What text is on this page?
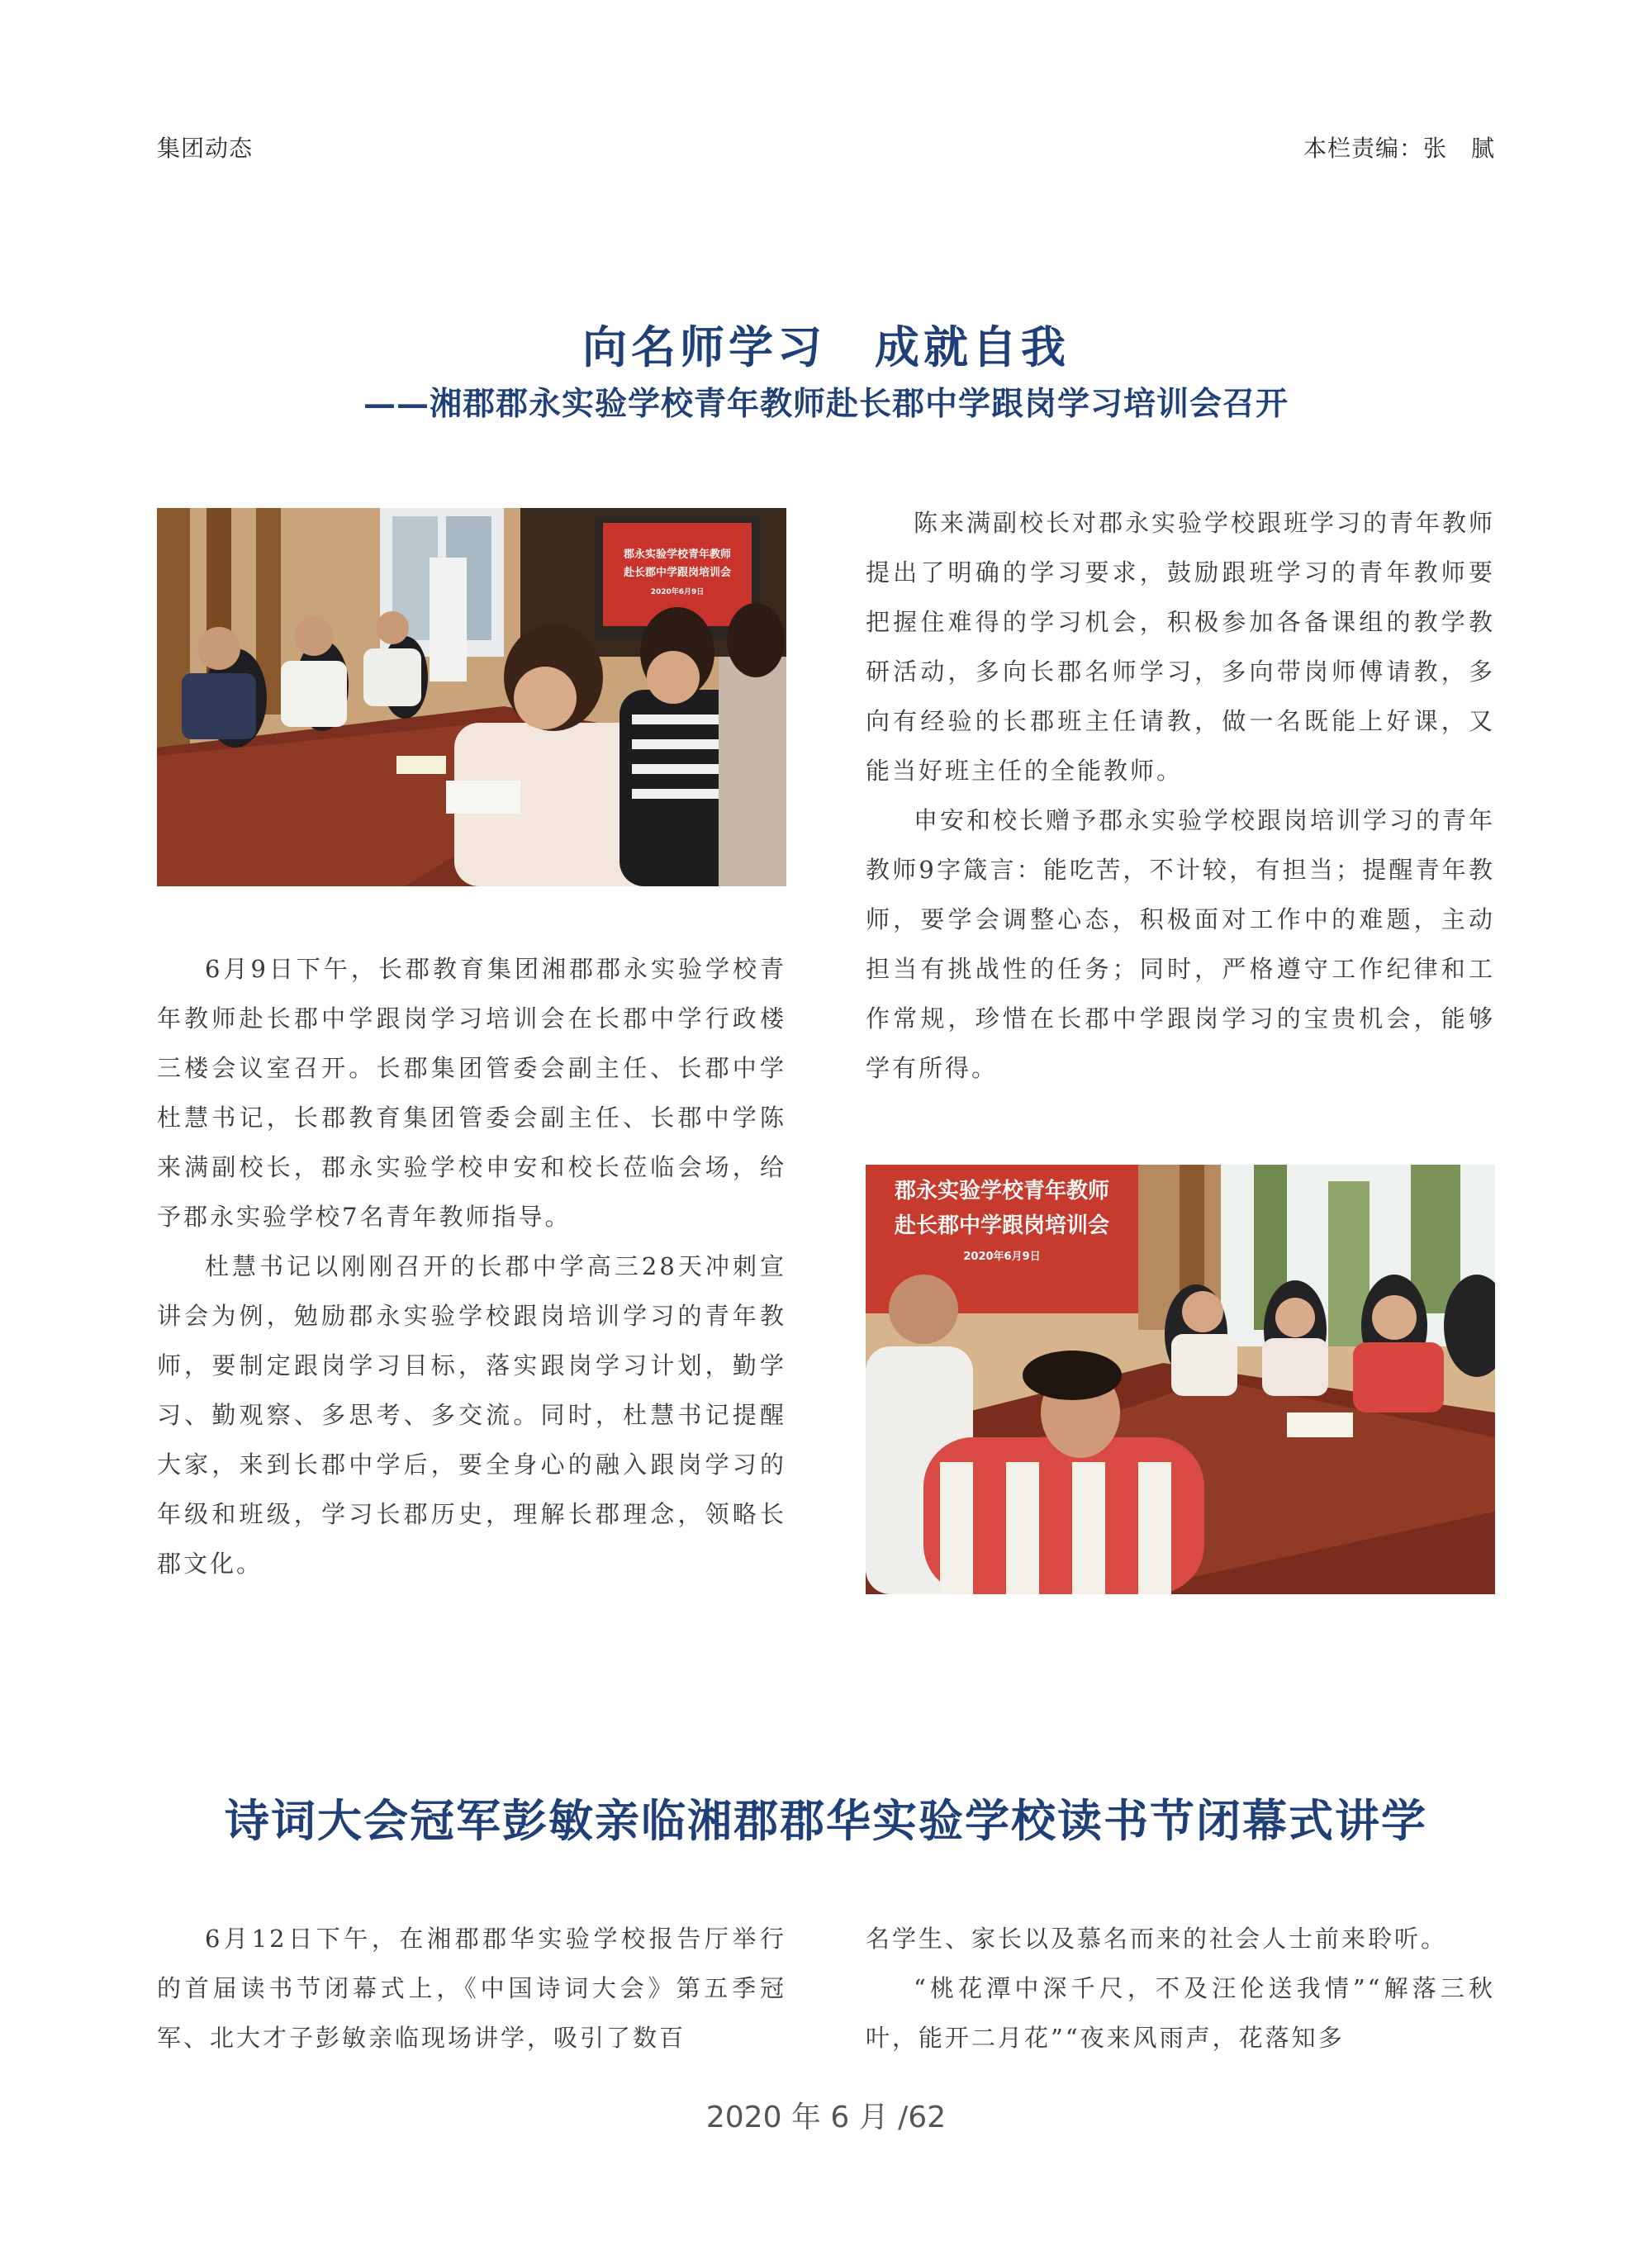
集团动态	本栏责编：张　腻
向名师学习　成就自我
——湘郡郡永实验学校青年教师赴长郡中学跟岗学习培训会召开
郡永实验学校青年教师
赴长郡中学跟岗培训会
2020年6月9日

6月9日下午，长郡教育集团湘郡郡永实验学校青年教师赴长郡中学跟岗学习培训会在长郡中学行政楼三楼会议室召开。长郡集团管委会副主任、长郡中学杜慧书记，长郡教育集团管委会副主任、长郡中学陈来满副校长，郡永实验学校申安和校长莅临会场，给予郡永实验学校7名青年教师指导。

杜慧书记以刚刚召开的长郡中学高三28天冲刺宣讲会为例，勉励郡永实验学校跟岗培训学习的青年教师，要制定跟岗学习目标，落实跟岗学习计划，勤学习、勤观察、多思考、多交流。同时，杜慧书记提醒大家，来到长郡中学后，要全身心的融入跟岗学习的年级和班级，学习长郡历史，理解长郡理念，领略长郡文化。

陈来满副校长对郡永实验学校跟班学习的青年教师提出了明确的学习要求，鼓励跟班学习的青年教师要把握住难得的学习机会，积极参加各备课组的教学教研活动，多向长郡名师学习，多向带岗师傅请教，多向有经验的长郡班主任请教，做一名既能上好课，又能当好班主任的全能教师。

申安和校长赠予郡永实验学校跟岗培训学习的青年教师9字箴言：能吃苦，不计较，有担当；提醒青年教师，要学会调整心态，积极面对工作中的难题，主动担当有挑战性的任务；同时，严格遵守工作纪律和工作常规，珍惜在长郡中学跟岗学习的宝贵机会，能够学有所得。

郡永实验学校青年教师
赴长郡中学跟岗培训会
2020年6月9日
诗词大会冠军彭敏亲临湘郡郡华实验学校读书节闭幕式讲学

6月12日下午，在湘郡郡华实验学校报告厅举行的首届读书节闭幕式上，《中国诗词大会》第五季冠军、北大才子彭敏亲临现场讲学，吸引了数百

名学生、家长以及慕名而来的社会人士前来聆听。

“桃花潭中深千尺，不及汪伦送我情”“解落三秋叶，能开二月花”“夜来风雨声，花落知多

2020 年 6 月 /62
